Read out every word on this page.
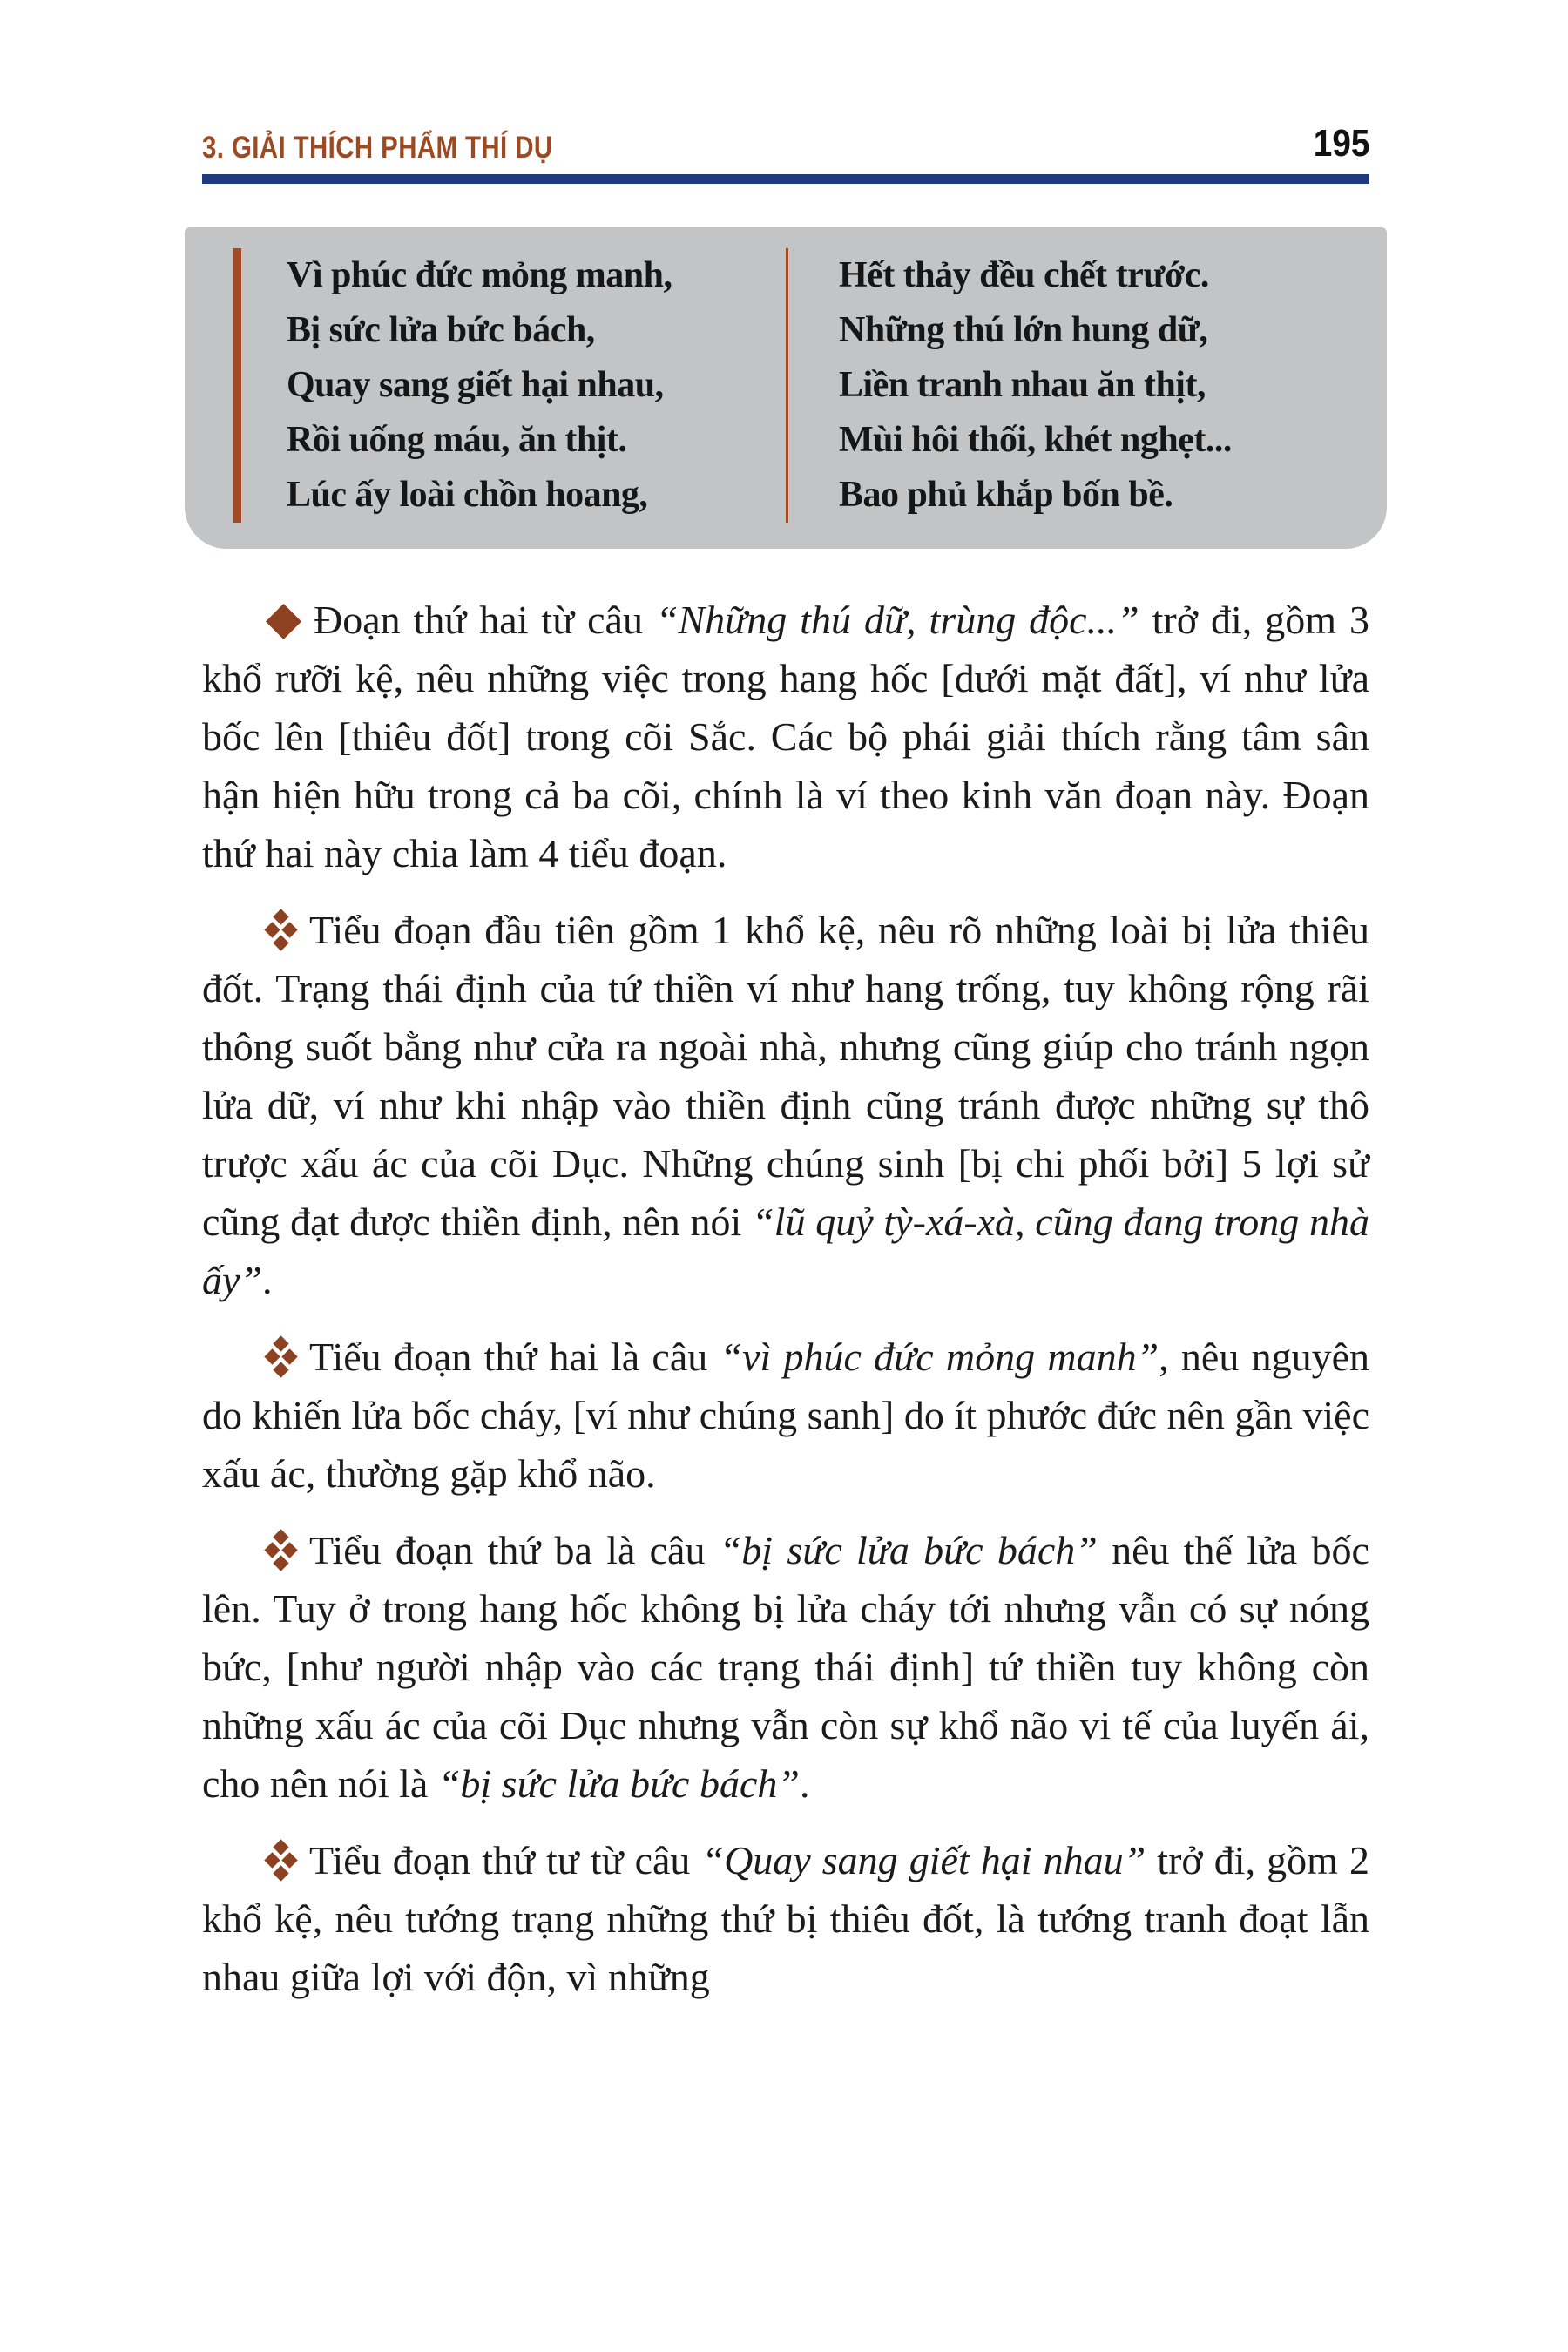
3. GIẢI THÍCH PHẨM THÍ DỤ	195
Vì phúc đức mỏng manh,
Bị sức lửa bức bách,
Quay sang giết hại nhau,
Rồi uống máu, ăn thịt.
Lúc ấy loài chồn hoang,
Hết thảy đều chết trước.
Những thú lớn hung dữ,
Liền tranh nhau ăn thịt,
Mùi hôi thối, khét nghẹt...
Bao phủ khắp bốn bề.

Đoạn thứ hai từ câu “Những thú dữ, trùng độc...” trở đi, gồm 3 khổ rưỡi kệ, nêu những việc trong hang hốc [dưới mặt đất], ví như lửa bốc lên [thiêu đốt] trong cõi Sắc. Các bộ phái giải thích rằng tâm sân hận hiện hữu trong cả ba cõi, chính là ví theo kinh văn đoạn này. Đoạn thứ hai này chia làm 4 tiểu đoạn.

Tiểu đoạn đầu tiên gồm 1 khổ kệ, nêu rõ những loài bị lửa thiêu đốt. Trạng thái định của tứ thiền ví như hang trống, tuy không rộng rãi thông suốt bằng như cửa ra ngoài nhà, nhưng cũng giúp cho tránh ngọn lửa dữ, ví như khi nhập vào thiền định cũng tránh được những sự thô trược xấu ác của cõi Dục. Những chúng sinh [bị chi phối bởi] 5 lợi sử cũng đạt được thiền định, nên nói “lũ quỷ tỳ-xá-xà, cũng đang trong nhà ấy”.

Tiểu đoạn thứ hai là câu “vì phúc đức mỏng manh”, nêu nguyên do khiến lửa bốc cháy, [ví như chúng sanh] do ít phước đức nên gần việc xấu ác, thường gặp khổ não.

Tiểu đoạn thứ ba là câu “bị sức lửa bức bách” nêu thế lửa bốc lên. Tuy ở trong hang hốc không bị lửa cháy tới nhưng vẫn có sự nóng bức, [như người nhập vào các trạng thái định] tứ thiền tuy không còn những xấu ác của cõi Dục nhưng vẫn còn sự khổ não vi tế của luyến ái, cho nên nói là “bị sức lửa bức bách”.

Tiểu đoạn thứ tư từ câu “Quay sang giết hại nhau” trở đi, gồm 2 khổ kệ, nêu tướng trạng những thứ bị thiêu đốt, là tướng tranh đoạt lẫn nhau giữa lợi với độn, vì những
